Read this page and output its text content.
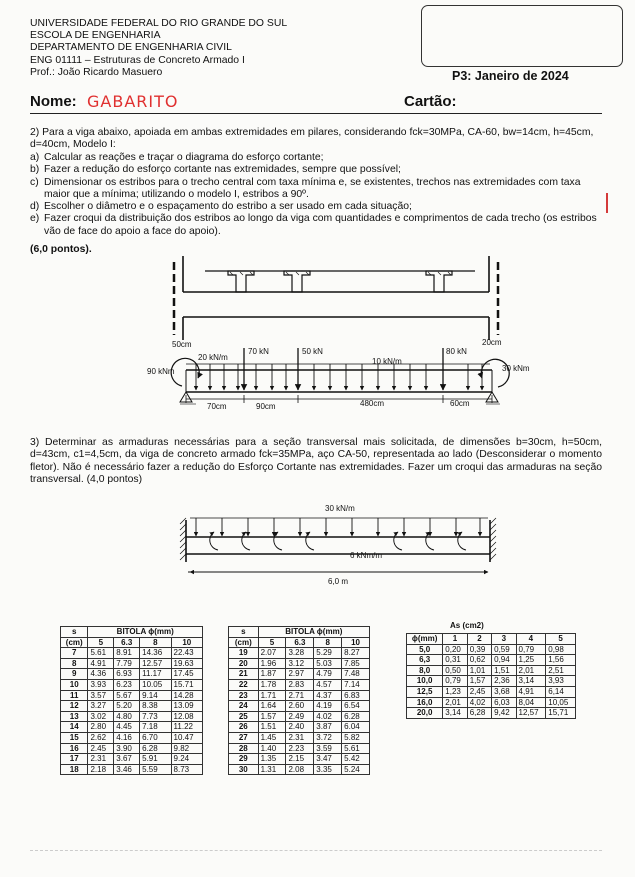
UNIVERSIDADE FEDERAL DO RIO GRANDE DO SUL
ESCOLA DE ENGENHARIA
DEPARTAMENTO DE ENGENHARIA CIVIL
ENG 01111 – Estruturas de Concreto Armado I
Prof.: João Ricardo Masuero	P3: Janeiro de 2024
Nome: GABARITO	Cartão:
2) Para a viga abaixo, apoiada em ambas extremidades em pilares, considerando fck=30MPa, CA-60, bw=14cm, h=45cm, d=40cm, Modelo I:
a) Calcular as reações e traçar o diagrama do esforço cortante;
b) Fazer a redução do esforço cortante nas extremidades, sempre que possível;
c) Dimensionar os estribos para o trecho central com taxa mínima e, se existentes, trechos nas extremidades com taxa maior que a mínima; utilizando o modelo I, estribos a 90º.
d) Escolher o diâmetro e o espaçamento do estribo a ser usado em cada situação;
e) Fazer croqui da distribuição dos estribos ao longo da viga com quantidades e comprimentos de cada trecho (os estribos vão de face do apoio a face do apoio).
(6,0 pontos).
50cm	20cm
20 kN/m
70 kN	50 kN	80 kN
10 kN/m
90 kNm	30 kNm
70cm	90cm	480cm	60cm
30 kN/m
6 kNm/m
6,0 m
3) Determinar as armaduras necessárias para a seção transversal mais solicitada, de dimensões b=30cm, h=50cm, d=43cm, c1=4,5cm, da viga de concreto armado fck=35MPa, aço CA-50, representada ao lado (Desconsiderar o momento fletor). Não é necessário fazer a redução do Esforço Cortante nas extremidades. Fazer um croqui das armaduras na seção transversal. (4,0 pontos)
s	BITOLA ϕ(mm)			
(cm)	5	6.3	8	10
7	5.61	8.91	14.36	22.43
8	4.91	7.79	12.57	19.63
9	4.36	6.93	11.17	17.45
10	3.93	6.23	10.05	15.71
11	3.57	5.67	9.14	14.28
12	3.27	5.20	8.38	13.09
13	3.02	4.80	7.73	12.08
14	2.80	4.45	7.18	11.22
15	2.62	4.16	6.70	10.47
16	2.45	3.90	6.28	9.82
17	2.31	3.67	5.91	9.24
18	2.18	3.46	5.59	8.73
s	BITOLA ϕ(mm)			
(cm)	5	6.3	8	10
19	2.07	3.28	5.29	8.27
20	1.96	3.12	5.03	7.85
21	1.87	2.97	4.79	7.48
22	1.78	2.83	4.57	7.14
23	1.71	2.71	4.37	6.83
24	1.64	2.60	4.19	6.54
25	1.57	2.49	4.02	6.28
26	1.51	2.40	3.87	6.04
27	1.45	2.31	3.72	5.82
28	1.40	2.23	3.59	5.61
29	1.35	2.15	3.47	5.42
30	1.31	2.08	3.35	5.24
As (cm2)
ϕ(mm)	1	2	3	4	5
5,0	0,20	0,39	0,59	0,79	0,98
6,3	0,31	0,62	0,94	1,25	1,56
8,0	0,50	1,01	1,51	2,01	2,51
10,0	0,79	1,57	2,36	3,14	3,93
12,5	1,23	2,45	3,68	4,91	6,14
16,0	2,01	4,02	6,03	8,04	10,05
20,0	3,14	6,28	9,42	12,57	15,71
